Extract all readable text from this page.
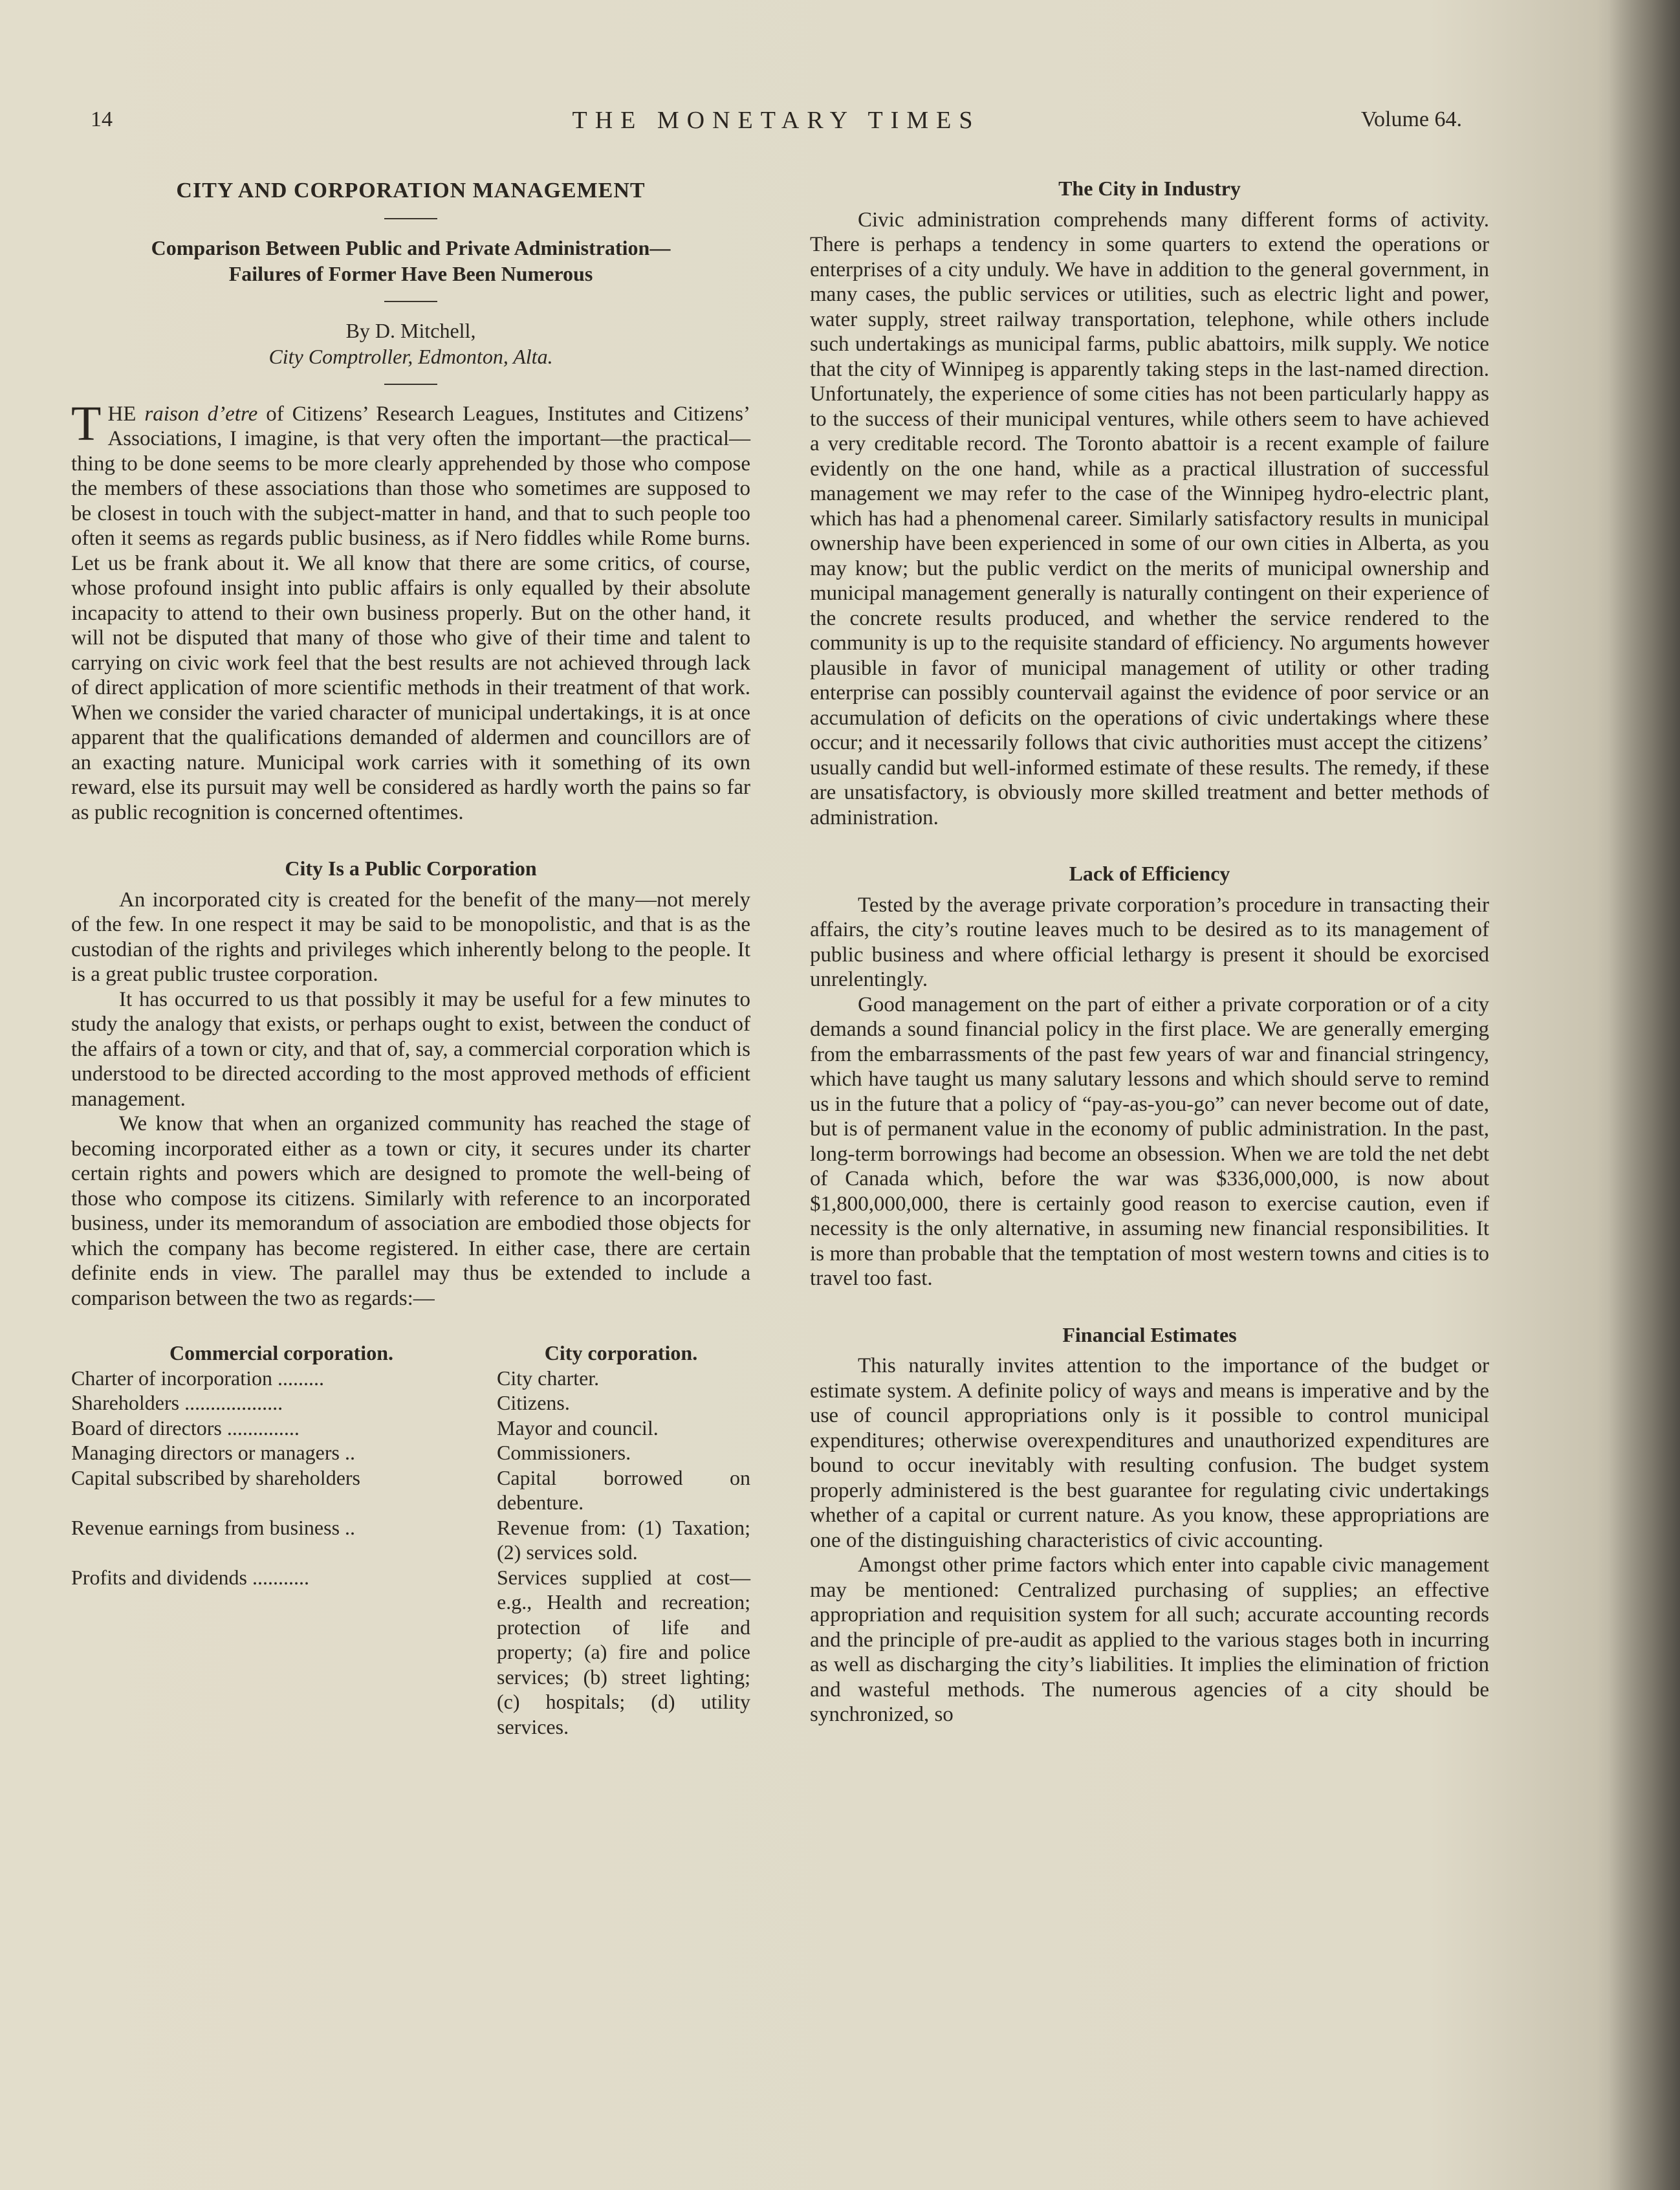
14	THE MONETARY TIMES	Volume 64.
CITY AND CORPORATION MANAGEMENT
Comparison Between Public and Private Administration—
Failures of Former Have Been Numerous
By D. Mitchell,
City Comptroller, Edmonton, Alta.

THE raison d’etre of Citizens’ Research Leagues, Institutes and Citizens’ Associations, I imagine, is that very often the important—the practical—thing to be done seems to be more clearly apprehended by those who compose the members of these associations than those who sometimes are supposed to be closest in touch with the subject-matter in hand, and that to such people too often it seems as regards public business, as if Nero fiddles while Rome burns. Let us be frank about it. We all know that there are some critics, of course, whose profound insight into public affairs is only equalled by their absolute incapacity to attend to their own business properly. But on the other hand, it will not be disputed that many of those who give of their time and talent to carrying on civic work feel that the best results are not achieved through lack of direct application of more scientific methods in their treatment of that work. When we consider the varied character of municipal undertakings, it is at once apparent that the qualifications demanded of aldermen and councillors are of an exacting nature. Municipal work carries with it something of its own reward, else its pursuit may well be considered as hardly worth the pains so far as public recognition is concerned oftentimes.

City Is a Public Corporation

An incorporated city is created for the benefit of the many—not merely of the few. In one respect it may be said to be monopolistic, and that is as the custodian of the rights and privileges which inherently belong to the people. It is a great public trustee corporation.

It has occurred to us that possibly it may be useful for a few minutes to study the analogy that exists, or perhaps ought to exist, between the conduct of the affairs of a town or city, and that of, say, a commercial corporation which is understood to be directed according to the most approved methods of efficient management.

We know that when an organized community has reached the stage of becoming incorporated either as a town or city, it secures under its charter certain rights and powers which are designed to promote the well-being of those who compose its citizens. Similarly with reference to an incorporated business, under its memorandum of association are embodied those objects for which the company has become registered. In either case, there are certain definite ends in view. The parallel may thus be extended to include a comparison between the two as regards:—

Commercial corporation.	City corporation.
Charter of incorporation .........	City charter.
Shareholders ...................	Citizens.
Board of directors ..............	Mayor and council.
Managing directors or managers ..	Commissioners.
Capital subscribed by shareholders	Capital borrowed on debenture.
Revenue earnings from business ..	Revenue from: (1) Taxation; (2) services sold.
Profits and dividends ...........	Services supplied at cost—e.g., Health and recreation; protection of life and property; (a) fire and police services; (b) street lighting; (c) hospitals; (d) utility services.
The City in Industry

Civic administration comprehends many different forms of activity. There is perhaps a tendency in some quarters to extend the operations or enterprises of a city unduly. We have in addition to the general government, in many cases, the public services or utilities, such as electric light and power, water supply, street railway transportation, telephone, while others include such undertakings as municipal farms, public abattoirs, milk supply. We notice that the city of Winnipeg is apparently taking steps in the last-named direction. Unfortunately, the experience of some cities has not been particularly happy as to the success of their municipal ventures, while others seem to have achieved a very creditable record. The Toronto abattoir is a recent example of failure evidently on the one hand, while as a practical illustration of successful management we may refer to the case of the Winnipeg hydro-electric plant, which has had a phenomenal career. Similarly satisfactory results in municipal ownership have been experienced in some of our own cities in Alberta, as you may know; but the public verdict on the merits of municipal ownership and municipal management generally is naturally contingent on their experience of the concrete results produced, and whether the service rendered to the community is up to the requisite standard of efficiency. No arguments however plausible in favor of municipal management of utility or other trading enterprise can possibly countervail against the evidence of poor service or an accumulation of deficits on the operations of civic undertakings where these occur; and it necessarily follows that civic authorities must accept the citizens’ usually candid but well-informed estimate of these results. The remedy, if these are unsatisfactory, is obviously more skilled treatment and better methods of administration.

Lack of Efficiency

Tested by the average private corporation’s procedure in transacting their affairs, the city’s routine leaves much to be desired as to its management of public business and where official lethargy is present it should be exorcised unrelentingly.

Good management on the part of either a private corporation or of a city demands a sound financial policy in the first place. We are generally emerging from the embarrassments of the past few years of war and financial stringency, which have taught us many salutary lessons and which should serve to remind us in the future that a policy of “pay-as-you-go” can never become out of date, but is of permanent value in the economy of public administration. In the past, long-term borrowings had become an obsession. When we are told the net debt of Canada which, before the war was $336,000,000, is now about $1,800,000,000, there is certainly good reason to exercise caution, even if necessity is the only alternative, in assuming new financial responsibilities. It is more than probable that the temptation of most western towns and cities is to travel too fast.

Financial Estimates

This naturally invites attention to the importance of the budget or estimate system. A definite policy of ways and means is imperative and by the use of council appropriations only is it possible to control municipal expenditures; otherwise overexpenditures and unauthorized expenditures are bound to occur inevitably with resulting confusion. The budget system properly administered is the best guarantee for regulating civic undertakings whether of a capital or current nature. As you know, these appropriations are one of the distinguishing characteristics of civic accounting.

Amongst other prime factors which enter into capable civic management may be mentioned: Centralized purchasing of supplies; an effective appropriation and requisition system for all such; accurate accounting records and the principle of pre-audit as applied to the various stages both in incurring as well as discharging the city’s liabilities. It implies the elimination of friction and wasteful methods. The numerous agencies of a city should be synchronized, so
